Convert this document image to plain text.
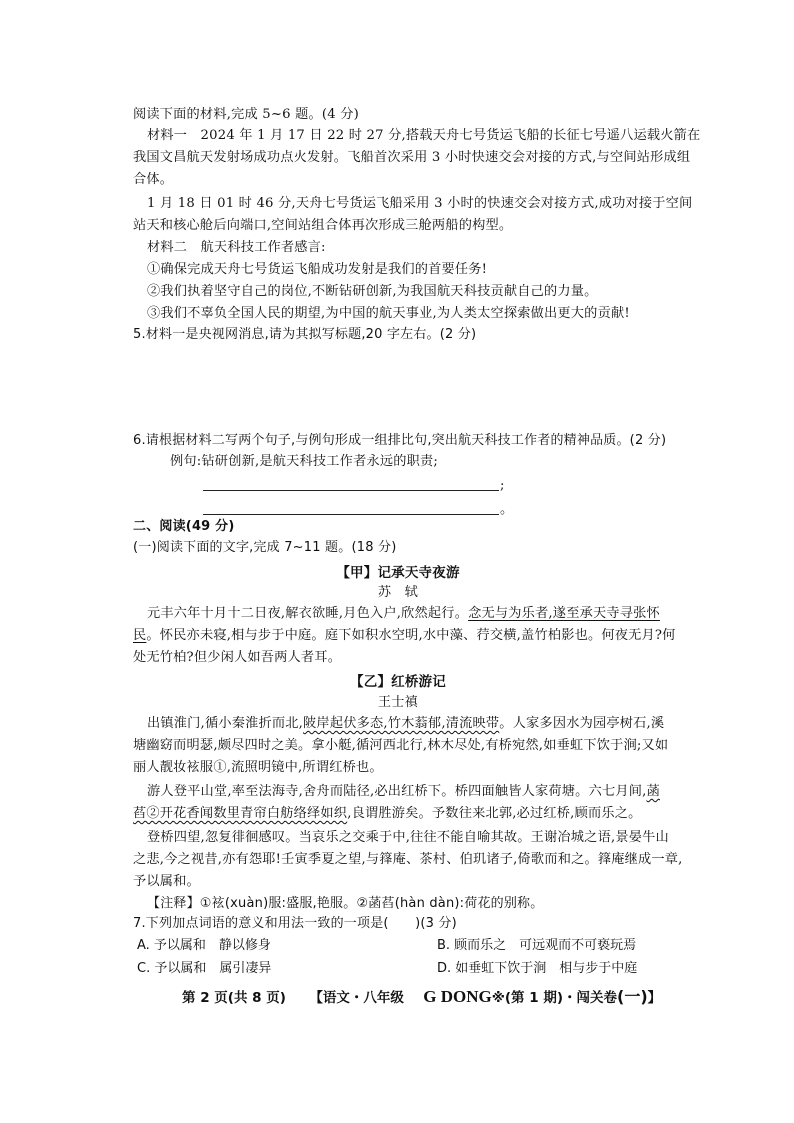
阅读下面的材料,完成 5~6 题。(4 分)
材料一　2024 年 1 月 17 日 22 时 27 分,搭载天舟七号货运飞船的长征七号遥八运载火箭在
我国文昌航天发射场成功点火发射。飞船首次采用 3 小时快速交会对接的方式,与空间站形成组
合体。
1 月 18 日 01 时 46 分,天舟七号货运飞船采用 3 小时的快速交会对接方式,成功对接于空间
站天和核心舱后向端口,空间站组合体再次形成三舱两船的构型。
材料二　航天科技工作者感言:
①确保完成天舟七号货运飞船成功发射是我们的首要任务!
②我们执着坚守自己的岗位,不断钻研创新,为我国航天科技贡献自己的力量。
③我们不辜负全国人民的期望,为中国的航天事业,为人类太空探索做出更大的贡献!
5.材料一是央视网消息,请为其拟写标题,20 字左右。(2 分)
6.请根据材料二写两个句子,与例句形成一组排比句,突出航天科技工作者的精神品质。(2 分)
例句:钻研创新,是航天科技工作者永远的职责;
;
。
二、阅读(49 分)
(一)阅读下面的文字,完成 7~11 题。(18 分)
【甲】记承天寺夜游
苏　轼
元丰六年十月十二日夜,解衣欲睡,月色入户,欣然起行。念无与为乐者,遂至承天寺寻张怀
民。怀民亦未寝,相与步于中庭。庭下如积水空明,水中藻、荇交横,盖竹柏影也。何夜无月?何
处无竹柏?但少闲人如吾两人者耳。
【乙】红桥游记
王士禛
出镇淮门,循小秦淮折而北,陂岸起伏多态,竹木蓊郁,清流映带。人家多因水为园亭树石,溪
塘幽窈而明瑟,颇尽四时之美。拿小艇,循河西北行,林木尽处,有桥宛然,如垂虹下饮于涧;又如
丽人靓妆袨服①,流照明镜中,所谓红桥也。
游人登平山堂,率至法海寺,舍舟而陆径,必出红桥下。桥四面触皆人家荷塘。六七月间,菡
萏②开花香闻数里青帘白舫络绎如织,良谓胜游矣。予数往来北郭,必过红桥,顾而乐之。
登桥四望,忽复徘徊感叹。当哀乐之交乘于中,往往不能自喻其故。王谢冶城之语,景晏牛山
之悲,今之视昔,亦有怨耶!壬寅季夏之望,与箨庵、茶村、伯玑诸子,倚歌而和之。箨庵继成一章,
予以属和。
【注释】①袨(xuàn)服:盛服,艳服。②菡萏(hàn dàn):荷花的别称。
7.下列加点词语的意义和用法一致的一项是(　　)(3 分)
A. 予以属和　静以修身	B. 顾而乐之　可远观而不可亵玩焉
C. 予以属和　属引凄异	D. 如垂虹下饮于涧　相与步于中庭
第 2 页(共 8 页) 【语文・八年级 G DONG※(第 1 期)・闯关卷(一)】
